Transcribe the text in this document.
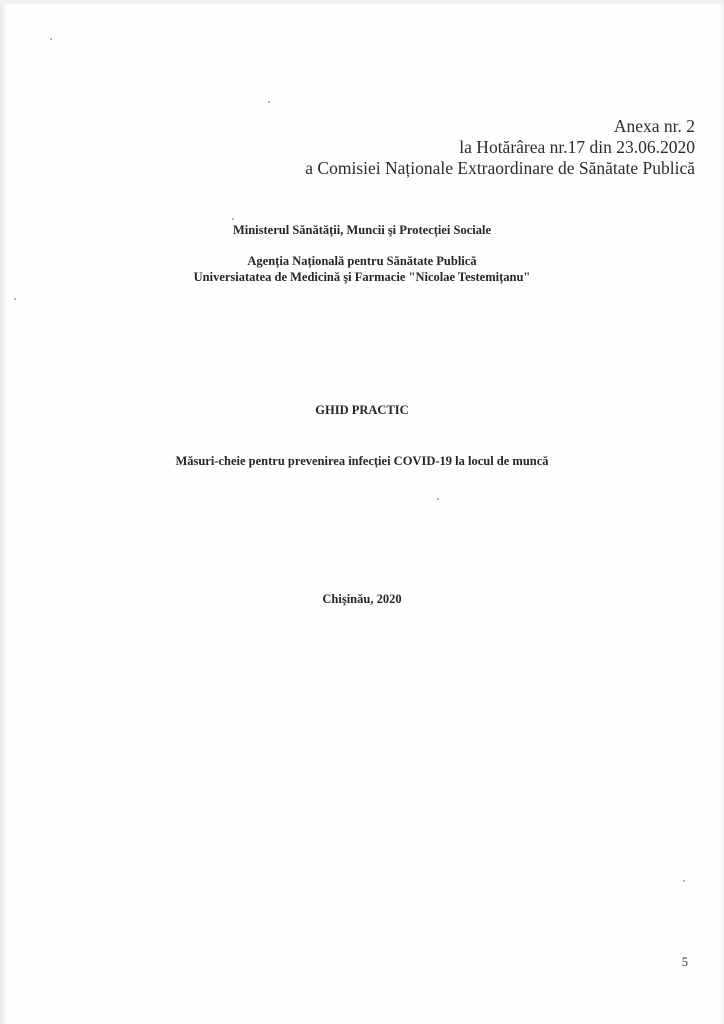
Anexa nr. 2
la Hotărârea nr.17 din 23.06.2020
a Comisiei Naționale Extraordinare de Sănătate Publică
Ministerul Sănătății, Muncii şi Protecției Sociale
Agenția Națională pentru Sănătate Publică
Universiatatea de Medicină şi Farmacie "Nicolae Testemițanu"
GHID PRACTIC
Măsuri-cheie pentru prevenirea infecției COVID-19 la locul de muncă
Chişinău, 2020
5
